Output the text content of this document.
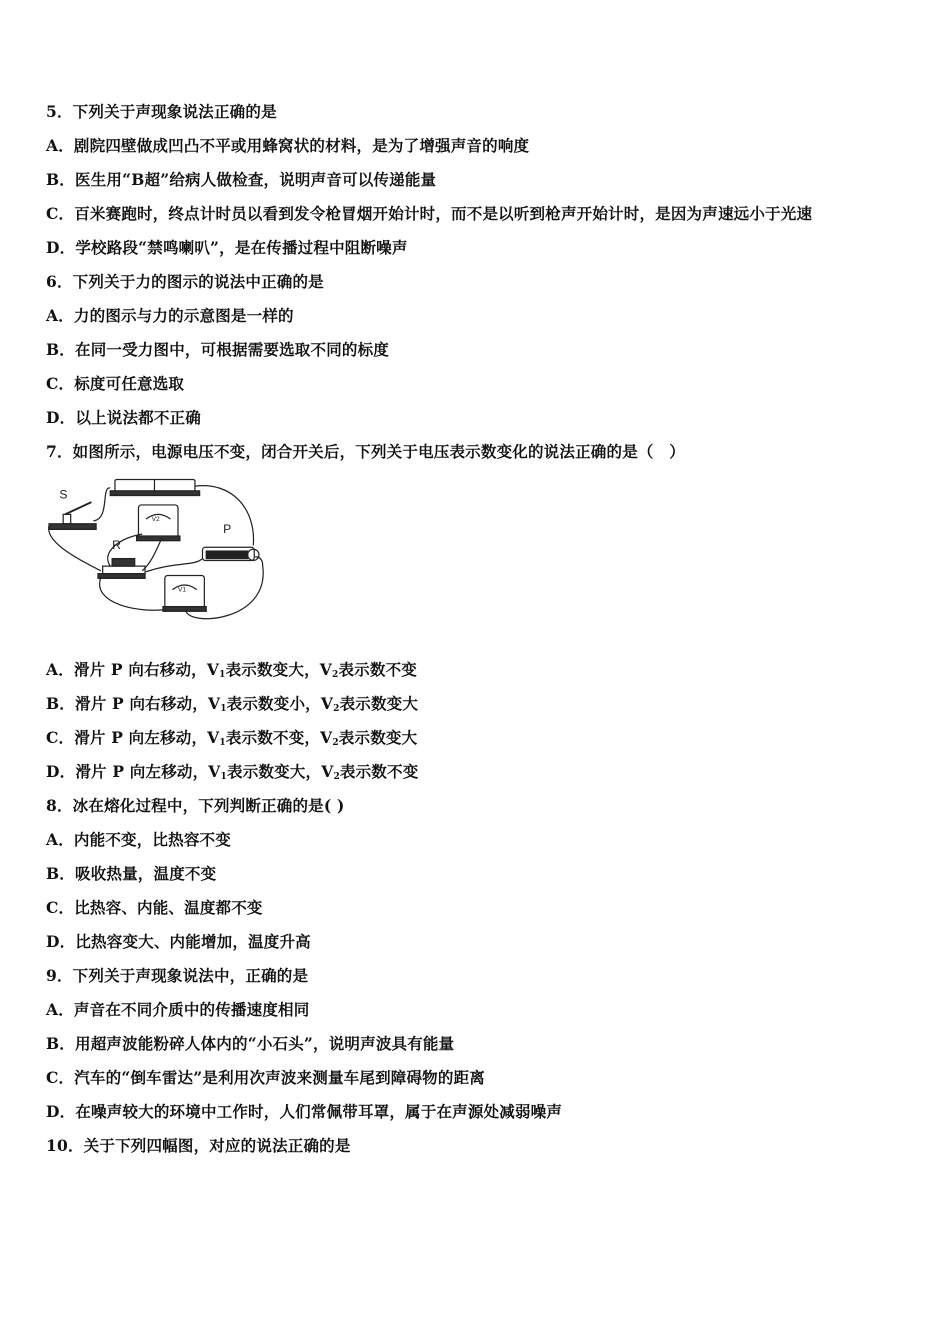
5．下列关于声现象说法正确的是
A．剧院四壁做成凹凸不平或用蜂窝状的材料，是为了增强声音的响度
B．医生用“B超”给病人做检查，说明声音可以传递能量
C．百米赛跑时，终点计时员以看到发令枪冒烟开始计时，而不是以听到枪声开始计时，是因为声速远小于光速
D．学校路段“禁鸣喇叭”，是在传播过程中阻断噪声
6．下列关于力的图示的说法中正确的是
A．力的图示与力的示意图是一样的
B．在同一受力图中，可根据需要选取不同的标度
C．标度可任意选取
D．以上说法都不正确
7．如图所示，电源电压不变，闭合开关后，下列关于电压表示数变化的说法正确的是（　）
S
R
P
V2
V1
A．滑片 P 向右移动，$V_1$表示数变大，$V_2$表示数不变
B．滑片 P 向右移动，$V_1$表示数变小，$V_2$表示数变大
C．滑片 P 向左移动，$V_1$表示数不变，$V_2$表示数变大
D．滑片 P 向左移动，$V_1$表示数变大，$V_2$表示数不变
8．冰在熔化过程中，下列判断正确的是( )
A．内能不变，比热容不变
B．吸收热量，温度不变
C．比热容、内能、温度都不变
D．比热容变大、内能增加，温度升高
9．下列关于声现象说法中，正确的是
A．声音在不同介质中的传播速度相同
B．用超声波能粉碎人体内的“小石头”，说明声波具有能量
C．汽车的“倒车雷达”是利用次声波来测量车尾到障碍物的距离
D．在噪声较大的环境中工作时，人们常佩带耳罩，属于在声源处减弱噪声
10．关于下列四幅图，对应的说法正确的是
